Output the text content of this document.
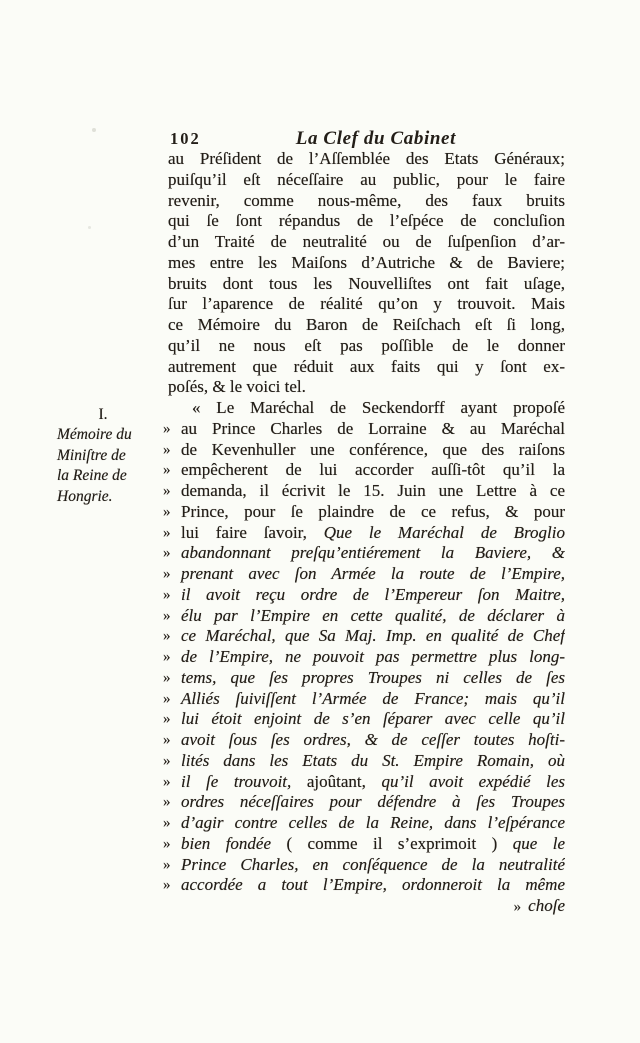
102	La Clef du Cabinet
I.
Mémoire du
Miniſtre de
la Reine de
Hongrie.
au Préſident de l’Aſſemblée des Etats Généraux;
puiſqu’il eſt néceſſaire au public, pour le faire
revenir, comme nous-même, des faux bruits
qui ſe ſont répandus de l’eſpéce de concluſion
d’un Traité de neutralité ou de ſuſpenſion d’ar-
mes entre les Maiſons d’Autriche & de Baviere;
bruits dont tous les Nouvelliſtes ont fait uſage,
ſur l’aparence de réalité qu’on y trouvoit. Mais
ce Mémoire du Baron de Reiſchach eſt ſi long,
qu’il ne nous eſt pas poſſible de le donner
autrement que réduit aux faits qui y ſont ex-
poſés, & le voici tel.
« Le Maréchal de Seckendorff ayant propoſé
» au Prince Charles de Lorraine & au Maréchal
» de Kevenhuller une conférence, que des raiſons
» empêcherent de lui accorder auſſi-tôt qu’il la
» demanda, il écrivit le 15. Juin une Lettre à ce
» Prince, pour ſe plaindre de ce refus, & pour
» lui faire ſavoir, Que le Maréchal de Broglio
» abandonnant preſqu’entiérement la Baviere, &
» prenant avec ſon Armée la route de l’Empire,
» il avoit reçu ordre de l’Empereur ſon Maitre,
» élu par l’Empire en cette qualité, de déclarer à
» ce Maréchal, que Sa Maj. Imp. en qualité de Chef
» de l’Empire, ne pouvoit pas permettre plus long-
» tems, que ſes propres Troupes ni celles de ſes
» Alliés ſuiviſſent l’Armée de France; mais qu’il
» lui étoit enjoint de s’en ſéparer avec celle qu’il
» avoit ſous ſes ordres, & de ceſſer toutes hoſti-
» lités dans les Etats du St. Empire Romain, où
» il ſe trouvoit, ajoûtant, qu’il avoit expédié les
» ordres néceſſaires pour défendre à ſes Troupes
» d’agir contre celles de la Reine, dans l’eſpérance
» bien fondée ( comme il s’exprimoit ) que le
» Prince Charles, en conſéquence de la neutralité
» accordée a tout l’Empire, ordonneroit la même
» choſe
